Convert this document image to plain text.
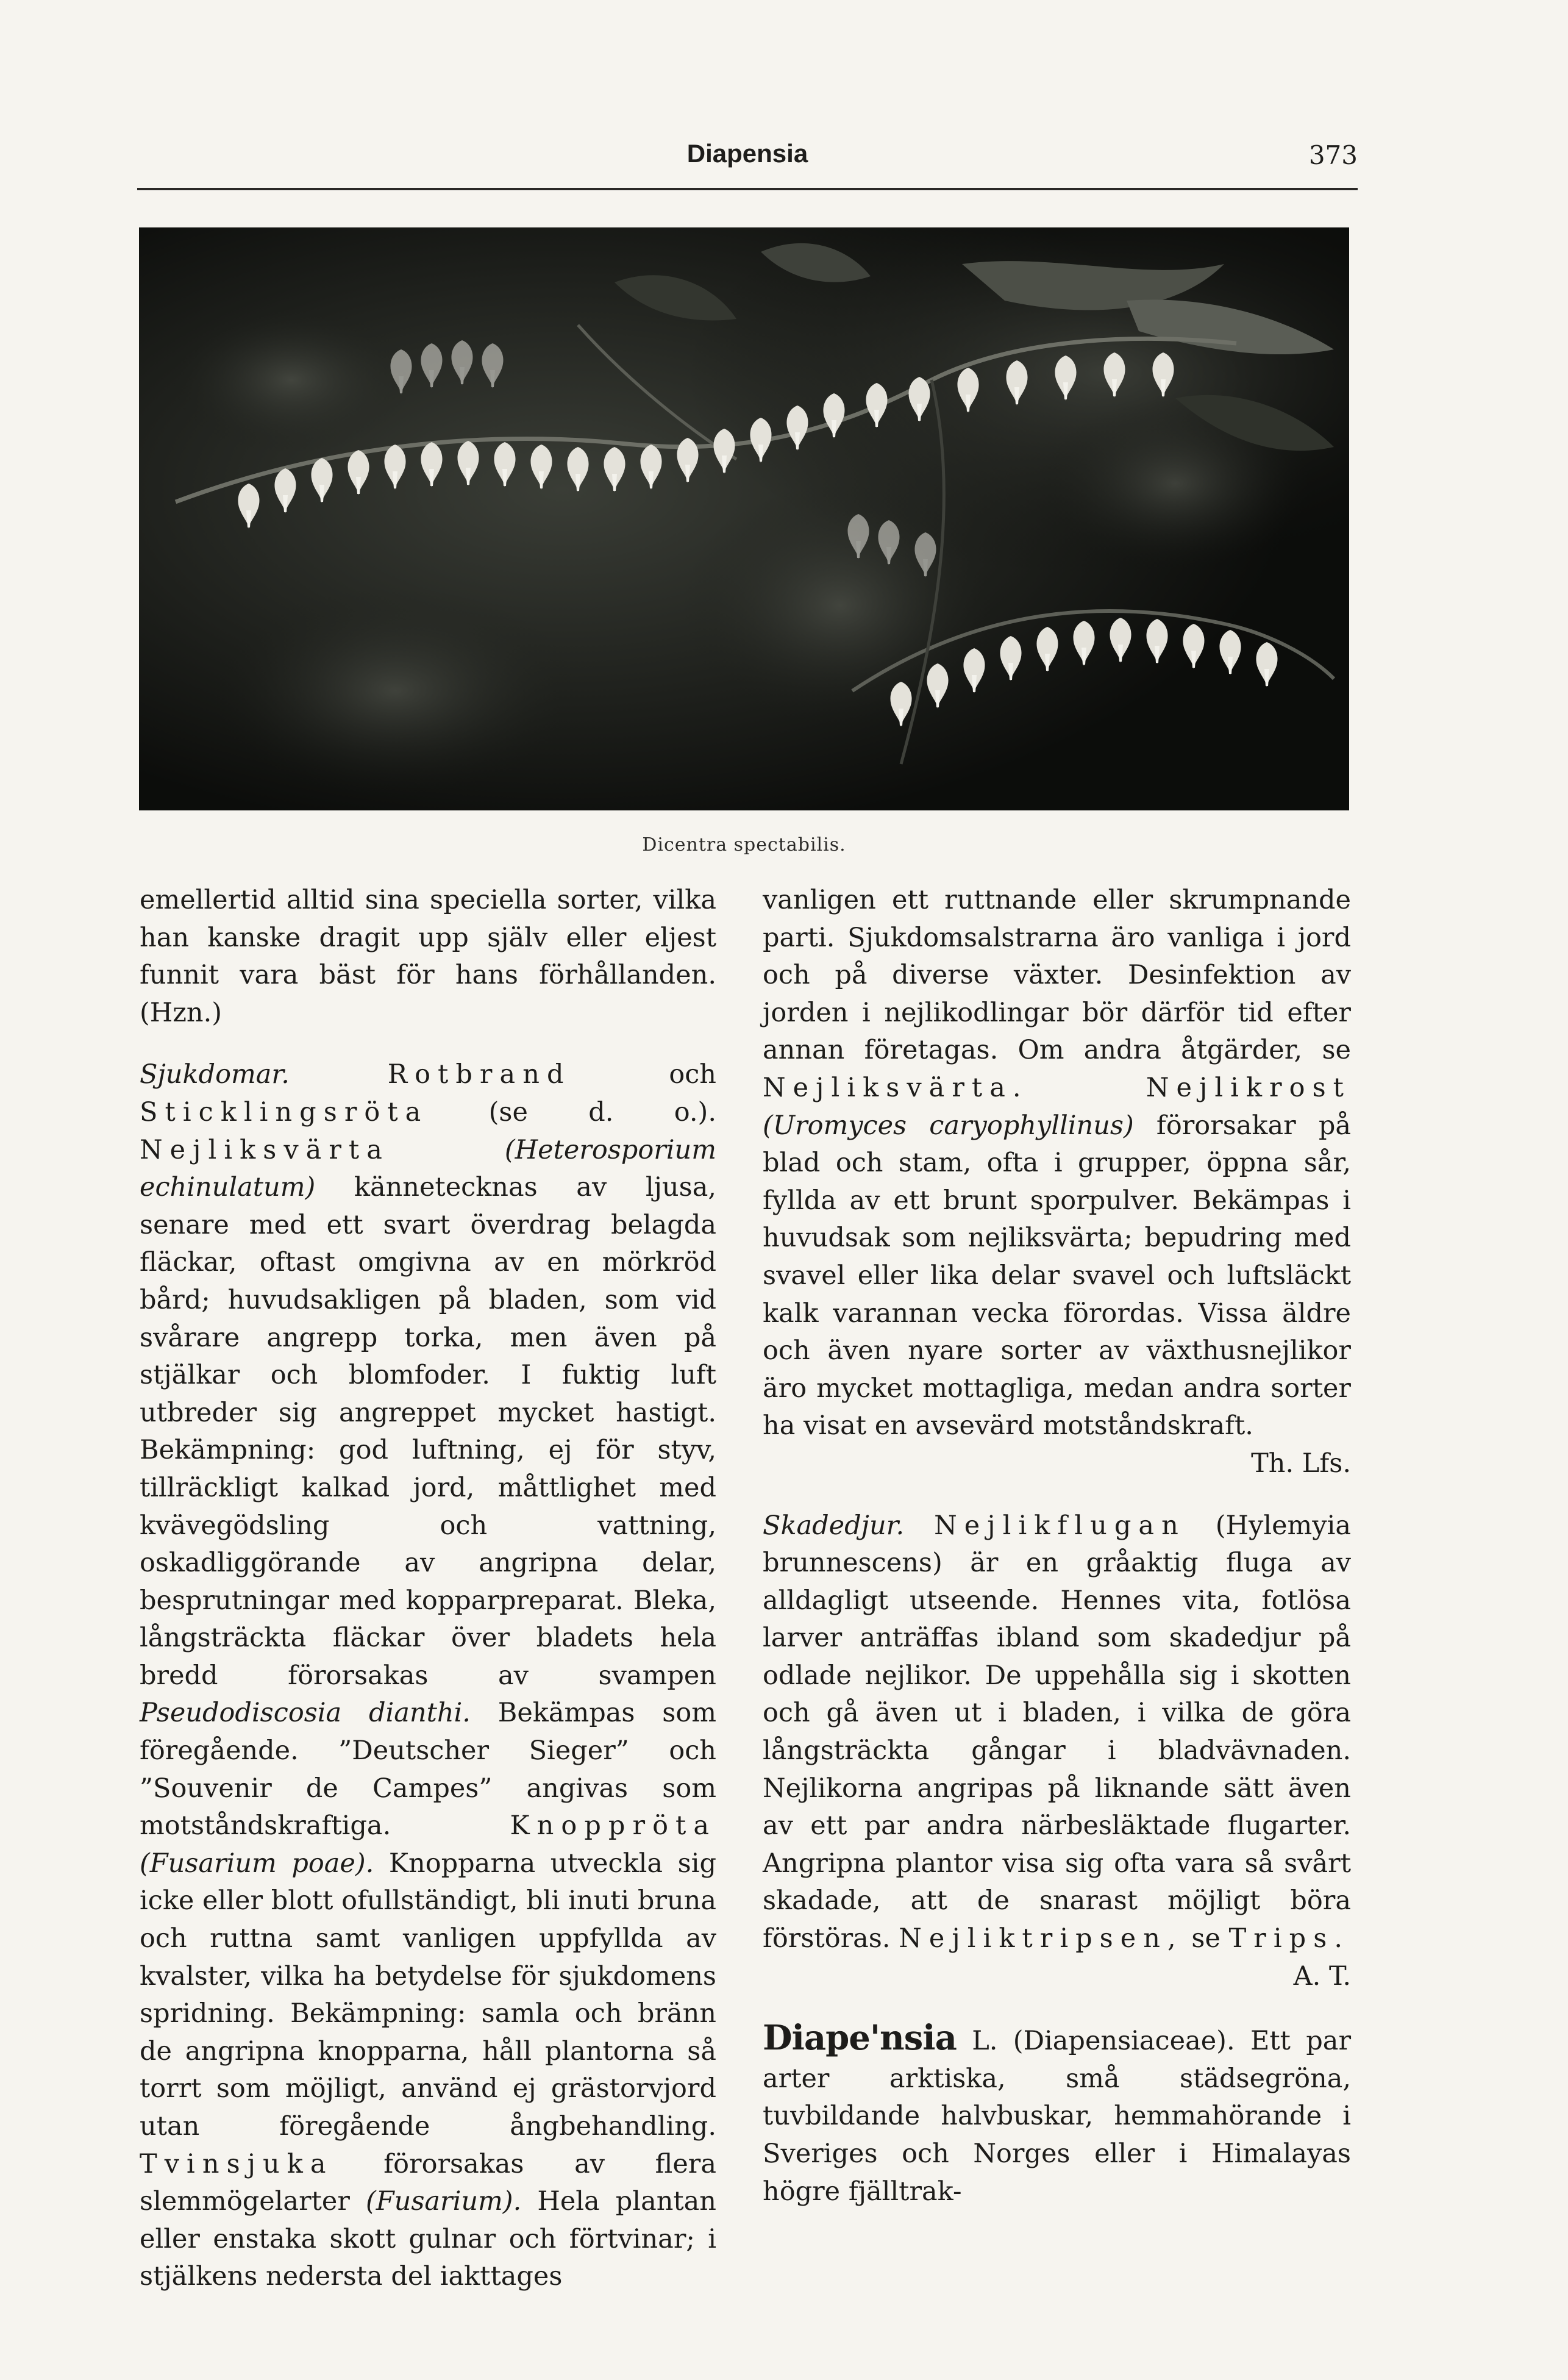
Diapensia	373
Dicentra spectabilis.

emellertid alltid sina speciella sorter, vilka han kanske dragit upp själv eller eljest funnit vara bäst för hans förhållanden. (Hzn.)

Sjukdomar.	Rotbrand och Sticklingsröta (se d. o.). Nejliksvärta	(Heterosporium echinulatum) kännetecknas av ljusa, senare med ett svart överdrag belagda fläckar, oftast omgivna av en mörkröd bård; huvudsakligen på bladen, som vid svårare angrepp torka, men även på stjälkar och blomfoder. I fuktig luft utbreder sig angreppet mycket hastigt. Bekämpning: god luftning, ej för styv, tillräckligt kalkad jord, måttlighet med kvävegödsling och vattning, oskadliggörande av angripna delar, besprutningar med kopparpreparat. Bleka, långsträckta fläckar över bladets hela bredd förorsakas av svampen Pseudodiscosia dianthi. Bekämpas som föregående. ”Deutscher Sieger” och ”Souvenir de Campes” angivas som motståndskraftiga. Knoppröta (Fusarium poae). Knopparna utveckla sig icke eller blott ofullständigt, bli inuti bruna och ruttna samt vanligen uppfyllda av kvalster, vilka ha betydelse för sjukdomens spridning. Bekämpning: samla och bränn de angripna knopparna, håll plantorna så torrt som möjligt, använd ej grästorvjord utan föregående ångbehandling. Tvinsjuka förorsakas av flera slemmögelarter (Fusarium). Hela plantan eller enstaka skott gulnar och förtvinar; i stjälkens nedersta del iakttages

vanligen ett ruttnande eller skrumpnande parti. Sjukdomsalstrarna äro vanliga i jord och på diverse växter. Desinfektion av jorden i nejlikodlingar bör därför tid efter annan företagas. Om andra åtgärder, se Nejliksvärta.	Nejlikrost (Uromyces caryophyllinus) förorsakar på blad och stam, ofta i grupper, öppna sår, fyllda av ett brunt sporpulver. Bekämpas i huvudsak som nejliksvärta; bepudring med svavel eller lika delar svavel och luftsläckt kalk varannan vecka förordas. Vissa äldre och även nyare sorter av växthusnejlikor äro mycket mottagliga, medan andra sorter ha visat en avsevärd motståndskraft.
Th. Lfs.

Skadedjur. Nejlikflugan (Hylemyia brunnescens) är en gråaktig fluga av alldagligt utseende. Hennes vita, fotlösa larver anträffas ibland som skadedjur på odlade nejlikor. De uppehålla sig i skotten och gå även ut i bladen, i vilka de göra långsträckta gångar i bladvävnaden. Nejlikorna angripas på liknande sätt även av ett par andra närbesläktade flugarter. Angripna plantor visa sig ofta vara så svårt skadade, att de snarast möjligt böra förstöras. Nejliktripsen, se Trips.
A. T.

Diape'nsia L. (Diapensiaceae). Ett par arter arktiska, små städsegröna, tuvbildande halvbuskar, hemmahörande i Sveriges och Norges eller i Himalayas högre fjälltrak-
